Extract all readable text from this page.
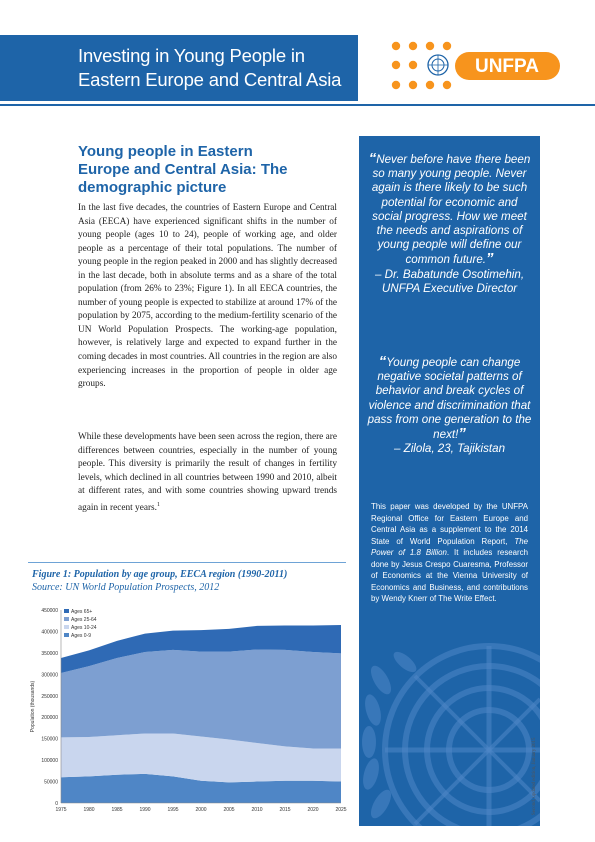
Investing in Young People in
Eastern Europe and Central Asia
UNFPA
Young people in Eastern
Europe and Central Asia: The
demographic picture
In the last five decades, the countries of Eastern Europe and Central Asia (EECA) have experienced significant shifts in the number of young people (ages 10 to 24), people of working age, and older people as a percentage of their total populations. The number of young people in the region peaked in 2000 and has slightly decreased in the last decade, both in absolute terms and as a share of the total population (from 26% to 23%; Figure 1). In all EECA countries, the number of young people is expected to stabilize at around 17% of the population by 2075, according to the medium-fertility scenario of the UN World Population Prospects. The working-age population, however, is relatively large and expected to expand further in the coming decades in most countries. All countries in the region are also experiencing increases in the proportion of people in older age groups.
While these developments have been seen across the region, there are differences between countries, especially in the number of young people. This diversity is primarily the result of changes in fertility levels, which declined in all countries between 1990 and 2010, albeit at different rates, and with some countries showing upward trends again in recent years.$^1$
Figure 1: Population by age group, EECA region (1990-2011)
Source: UN World Population Prospects, 2012
0
50000
100000
150000
200000
250000
300000
350000
400000
450000
1975	1980	1985	1990	1995	2000	2005	2010	2015	2020	2025
Population (thousands)
Ages 65+
Ages 25-64
Ages 10-24
Ages 0-9
“Never before have there been so many young people. Never again is there likely to be such potential for economic and social progress. How we meet the needs and aspirations of young people will define our common future.”
– Dr. Babatunde Osotimehin,
UNFPA Executive Director
“Young people can change negative societal patterns of behavior and break cycles of violence and discrimination that pass from one generation to the next!”
– Zilola, 23, Tajikistan
This paper was developed by the UNFPA Regional Office for Eastern Europe and Central Asia as a supplement to the 2014 State of World Population Report, The Power of 1.8 Billion. It includes research done by Jesus Crespo Cuaresma, Professor of Economics at the Vienna University of Economics and Business, and contributions by Wendy Knerr of The Write Effect.
Second, updated edition, January 2015
